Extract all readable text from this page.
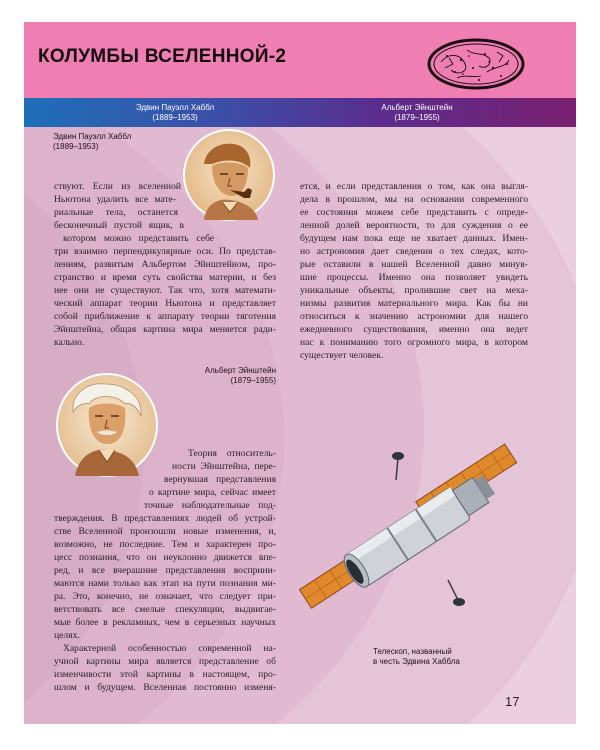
КОЛУМБЫ ВСЕЛЕННОЙ-2
Эдвин Пауэлл Хаббл
(1889–1953)
Альберт Эйнштейн
(1879–1955)
Эдвин Пауэлл Хаббл
(1889–1953)
Альберт Эйнштейн
(1879–1955)
ствуют. Если из вселенной
Ньютона удалить все мате-
риальные тела, останется
бесконечный пустой ящик, в
котором можно представить себе
три взаимно перпендикулярные оси. По представ-
лениям, развитым Альбертом Эйнштейном, про-
странство и время суть свойства материи, и без
нее они не существуют. Так что, хотя математи-
ческий аппарат теории Ньютона и представляет
собой приближение к аппарату теории тяготения
Эйнштейна, общая картина мира меняется ради-
кально.
Теория относитель-
ности Эйнштейна, пере-
вернувшая представления
о картине мира, сейчас имеет
точные наблюдательные под-
тверждения. В представлениях людей об устрой-
стве Вселенной произошли новые изменения, и,
возможно, не последние. Тем и характерен про-
цесс познания, что он неуклонно движется впе-
ред, и все вчерашние представления восприни-
маются нами только как этап на пути познания ми-
ра. Это, конечно, не означает, что следует при-
ветствовать все смелые спекуляции, выдвигае-
мые более в рекламных, чем в серьезных научных
целях.
Характерной особенностью современной на-
учной картины мира является представление об
изменчивости этой картины в настоящем, про-
шлом и будущем. Вселенная постоянно изменя-
ется, и если представления о том, как она выгля-
дела в прошлом, мы на основании современного
ее состояния можем себе представить с опреде-
ленной долей вероятности, то для суждения о ее
будущем нам пока еще не хватает данных. Имен-
но астрономия дает сведения о тех следах, кото-
рые оставили в нашей Вселенной давно минув-
шие процессы. Именно она позволяет увидеть
уникальные объекты, пролившие свет на меха-
низмы развития материального мира. Как бы ни
относиться к значению астрономии для нашего
ежедневного существования, именно она ведет
нас к пониманию того огромного мира, в котором
существует человек.
Телескоп, названный
в честь Эдвина Хаббла
17
